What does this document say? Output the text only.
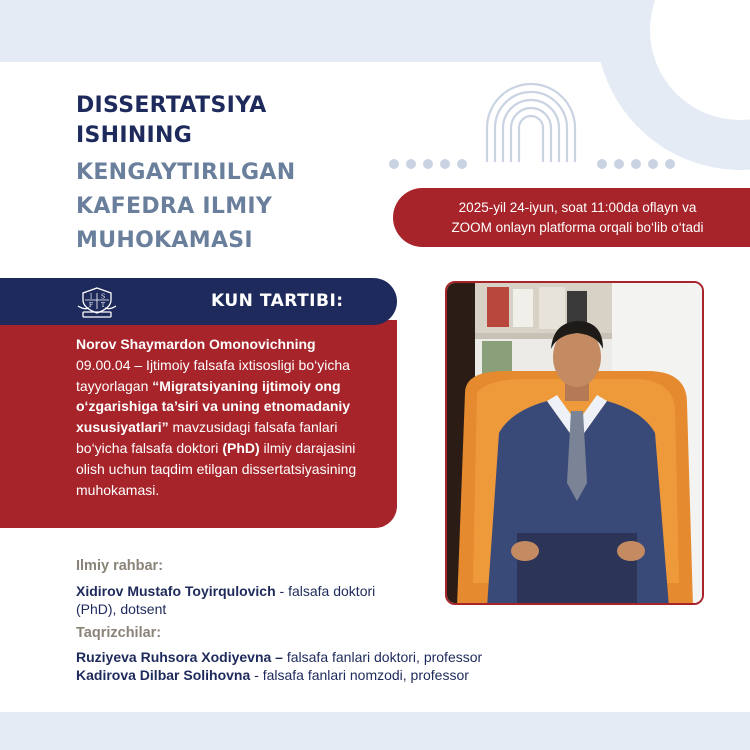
DISSERTATSIYA
ISHINING
KENGAYTIRILGAN
KAFEDRA ILMIY
MUHOKAMASI
2025-yil 24-iyun, soat 11:00da oflayn va
ZOOM onlayn platforma orqali bo‘lib o‘tadi
I S
F T	KUN TARTIBI:
Norov Shaymardon Omonovichning
09.00.04 – Ijtimoiy falsafa ixtisosligi bo‘yicha tayyorlagan “Migratsiyaning ijtimoiy ong o‘zgarishiga ta’siri va uning etnomadaniy xususiyatlari” mavzusidagi falsafa fanlari bo‘yicha falsafa doktori (PhD) ilmiy darajasini olish uchun taqdim etilgan dissertatsiyasining muhokamasi.
Ilmiy rahbar:
Xidirov Mustafo Toyirqulovich - falsafa doktori (PhD), dotsent
Taqrizchilar:
Ruziyeva Ruhsora Xodiyevna – falsafa fanlari doktori, professor
Kadirova Dilbar Solihovna - falsafa fanlari nomzodi, professor
